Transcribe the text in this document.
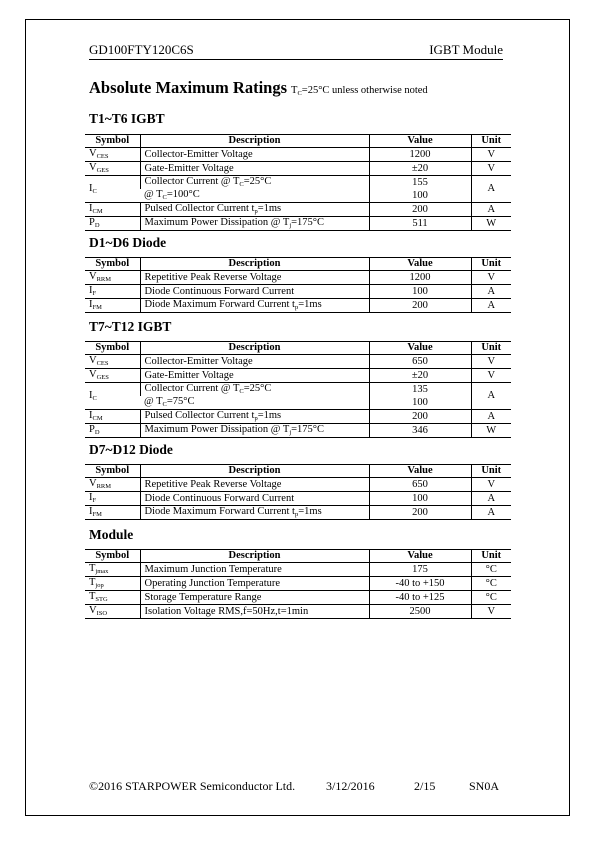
GD100FTY120C6S	IGBT Module
Absolute Maximum Ratings $T_C=25^\circ C$ unless otherwise noted
T1~T6 IGBT
Symbol	Description	Value	Unit
$V_{CES}$	Collector-Emitter Voltage	1200	V
$V_{GES}$	Gate-Emitter Voltage	±20	V
$I_C$	Collector Current @ $T_C=25^\circ C$	155	A
	@ $T_C=100^\circ C$	100	
$I_{CM}$	Pulsed Collector Current $t_p=1ms$	200	A
$P_D$	Maximum Power Dissipation @ $T_j=175^\circ C$	511	W
D1~D6 Diode
Symbol	Description	Value	Unit
$V_{RRM}$	Repetitive Peak Reverse Voltage	1200	V
$I_F$	Diode Continuous Forward Current	100	A
$I_{FM}$	Diode Maximum Forward Current $t_p=1ms$	200	A
T7~T12 IGBT
Symbol	Description	Value	Unit
$V_{CES}$	Collector-Emitter Voltage	650	V
$V_{GES}$	Gate-Emitter Voltage	±20	V
$I_C$	Collector Current @ $T_C=25^\circ C$	135	A
	@ $T_C=75^\circ C$	100	
$I_{CM}$	Pulsed Collector Current $t_p=1ms$	200	A
$P_D$	Maximum Power Dissipation @ $T_j=175^\circ C$	346	W
D7~D12 Diode
Symbol	Description	Value	Unit
$V_{RRM}$	Repetitive Peak Reverse Voltage	650	V
$I_F$	Diode Continuous Forward Current	100	A
$I_{FM}$	Diode Maximum Forward Current $t_p=1ms$	200	A
Module
Symbol	Description	Value	Unit
$T_{jmax}$	Maximum Junction Temperature	175	°C
$T_{jop}$	Operating Junction Temperature	-40 to +150	°C
$T_{STG}$	Storage Temperature Range	-40 to +125	°C
$V_{ISO}$	Isolation Voltage RMS,f=50Hz,t=1min	2500	V
©2016 STARPOWER Semiconductor Ltd.	3/12/2016	2/15	SN0A
